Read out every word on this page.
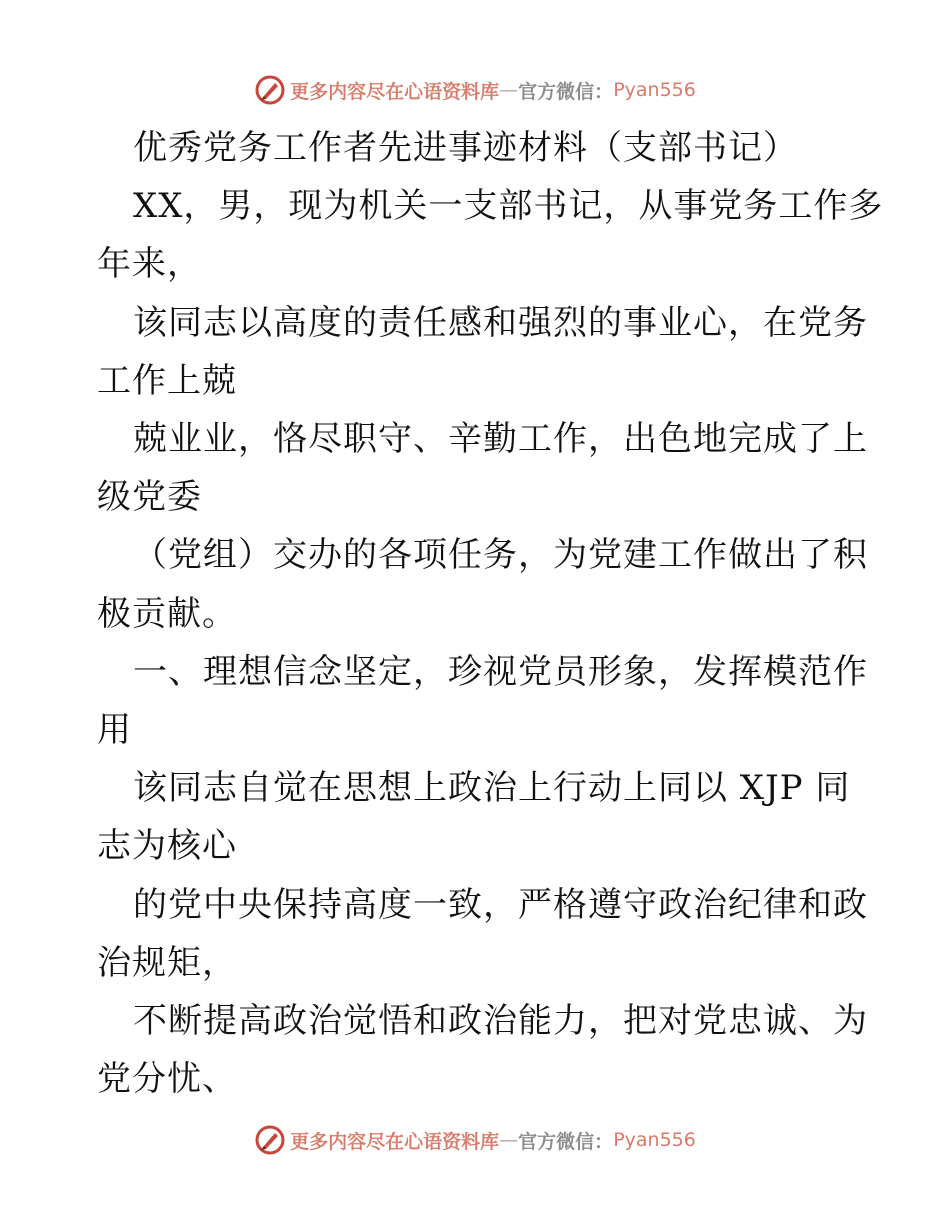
更多内容尽在心语资料库 — 官方微信： Pyan556
优秀党务工作者先进事迹材料（支部书记）
XX，男，现为机关一支部书记，从事党务工作多
年来，
该同志以高度的责任感和强烈的事业心，在党务
工作上兢
兢业业，恪尽职守、辛勤工作，出色地完成了上
级党委
（党组）交办的各项任务，为党建工作做出了积
极贡献。
一、理想信念坚定，珍视党员形象，发挥模范作
用
该同志自觉在思想上政治上行动上同以 XJP 同
志为核心
的党中央保持高度一致，严格遵守政治纪律和政
治规矩，
不断提高政治觉悟和政治能力，把对党忠诚、为
党分忧、
更多内容尽在心语资料库 — 官方微信： Pyan556
